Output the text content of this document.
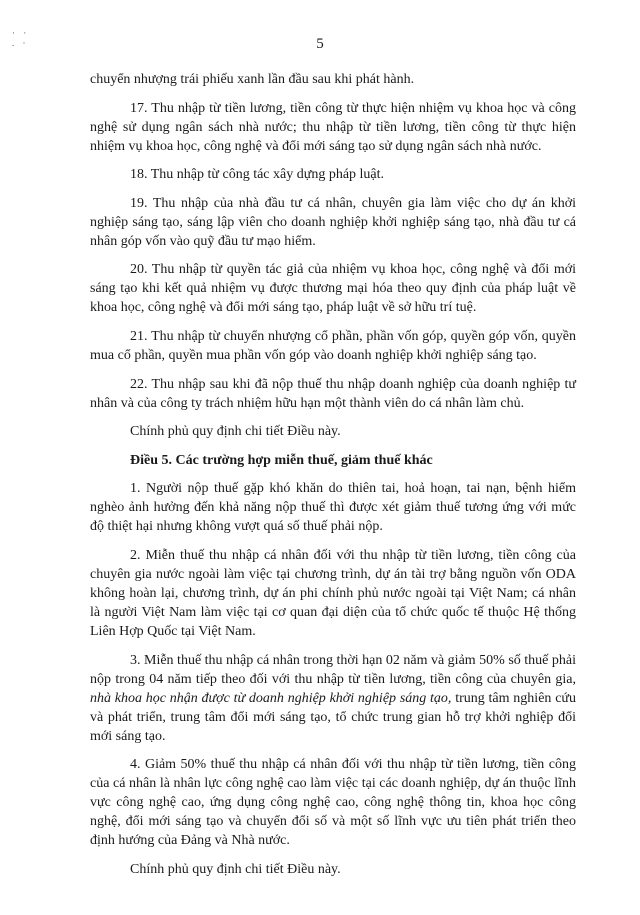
· ·
. ·	5

chuyển nhượng trái phiếu xanh lần đầu sau khi phát hành.

17. Thu nhập từ tiền lương, tiền công từ thực hiện nhiệm vụ khoa học và công nghệ sử dụng ngân sách nhà nước; thu nhập từ tiền lương, tiền công từ thực hiện nhiệm vụ khoa học, công nghệ và đổi mới sáng tạo sử dụng ngân sách nhà nước.

18. Thu nhập từ công tác xây dựng pháp luật.

19. Thu nhập của nhà đầu tư cá nhân, chuyên gia làm việc cho dự án khởi nghiệp sáng tạo, sáng lập viên cho doanh nghiệp khởi nghiệp sáng tạo, nhà đầu tư cá nhân góp vốn vào quỹ đầu tư mạo hiểm.

20. Thu nhập từ quyền tác giả của nhiệm vụ khoa học, công nghệ và đổi mới sáng tạo khi kết quả nhiệm vụ được thương mại hóa theo quy định của pháp luật về khoa học, công nghệ và đổi mới sáng tạo, pháp luật về sở hữu trí tuệ.

21. Thu nhập từ chuyển nhượng cổ phần, phần vốn góp, quyền góp vốn, quyền mua cổ phần, quyền mua phần vốn góp vào doanh nghiệp khởi nghiệp sáng tạo.

22. Thu nhập sau khi đã nộp thuế thu nhập doanh nghiệp của doanh nghiệp tư nhân và của công ty trách nhiệm hữu hạn một thành viên do cá nhân làm chủ.

Chính phủ quy định chi tiết Điều này.

Điều 5. Các trường hợp miễn thuế, giảm thuế khác

1. Người nộp thuế gặp khó khăn do thiên tai, hoả hoạn, tai nạn, bệnh hiểm nghèo ảnh hưởng đến khả năng nộp thuế thì được xét giảm thuế tương ứng với mức độ thiệt hại nhưng không vượt quá số thuế phải nộp.

2. Miễn thuế thu nhập cá nhân đối với thu nhập từ tiền lương, tiền công của chuyên gia nước ngoài làm việc tại chương trình, dự án tài trợ bằng nguồn vốn ODA không hoàn lại, chương trình, dự án phi chính phủ nước ngoài tại Việt Nam; cá nhân là người Việt Nam làm việc tại cơ quan đại diện của tổ chức quốc tế thuộc Hệ thống Liên Hợp Quốc tại Việt Nam.

3. Miễn thuế thu nhập cá nhân trong thời hạn 02 năm và giảm 50% số thuế phải nộp trong 04 năm tiếp theo đối với thu nhập từ tiền lương, tiền công của chuyên gia, nhà khoa học nhận được từ doanh nghiệp khởi nghiệp sáng tạo, trung tâm nghiên cứu và phát triển, trung tâm đổi mới sáng tạo, tổ chức trung gian hỗ trợ khởi nghiệp đổi mới sáng tạo.

4. Giảm 50% thuế thu nhập cá nhân đối với thu nhập từ tiền lương, tiền công của cá nhân là nhân lực công nghệ cao làm việc tại các doanh nghiệp, dự án thuộc lĩnh vực công nghệ cao, ứng dụng công nghệ cao, công nghệ thông tin, khoa học công nghệ, đổi mới sáng tạo và chuyển đổi số và một số lĩnh vực ưu tiên phát triển theo định hướng của Đảng và Nhà nước.

Chính phủ quy định chi tiết Điều này.
